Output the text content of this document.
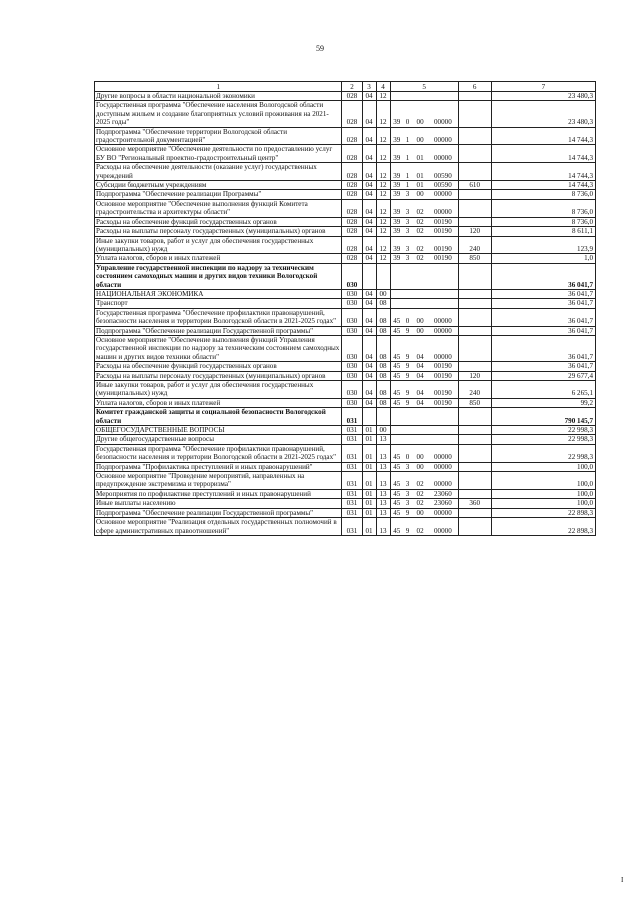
59
1	2	3	4	5				6	7
Другие вопросы в области национальной экономики	028	04	12						23 480,3
Государственная программа "Обеспечение населения Вологодской области доступным жильем и создание благоприятных условий проживания на 2021-2025 годы"	028	04	12	39	0	00	00000		23 480,3
Подпрограмма "Обеспечение территории Вологодской области градостроительной документацией"	028	04	12	39	1	00	00000		14 744,3
Основное мероприятие "Обеспечение деятельности по предоставлению услуг БУ ВО "Региональный проектно-градостроительный центр"	028	04	12	39	1	01	00000		14 744,3
Расходы на обеспечение деятельности (оказание услуг) государственных учреждений	028	04	12	39	1	01	00590		14 744,3
Субсидии бюджетным учреждениям	028	04	12	39	1	01	00590	610	14 744,3
Подпрограмма "Обеспечение реализации Программы"	028	04	12	39	3	00	00000		8 736,0
Основное мероприятие "Обеспечение выполнения функций Комитета градостроительства и архитектуры области"	028	04	12	39	3	02	00000		8 736,0
Расходы на обеспечение функций государственных органов	028	04	12	39	3	02	00190		8 736,0
Расходы на выплаты персоналу государственных (муниципальных) органов	028	04	12	39	3	02	00190	120	8 611,1
Иные закупки товаров, работ и услуг для обеспечения государственных (муниципальных) нужд	028	04	12	39	3	02	00190	240	123,9
Уплата налогов, сборов и иных платежей	028	04	12	39	3	02	00190	850	1,0
Управление государственной инспекции по надзору за техническим состоянием самоходных машин и других видов техники Вологодской области	030								36 041,7
НАЦИОНАЛЬНАЯ ЭКОНОМИКА	030	04	00						36 041,7
Транспорт	030	04	08						36 041,7
Государственная программа "Обеспечение профилактики правонарушений, безопасности населения и территории Вологодской области в 2021-2025 годах"	030	04	08	45	0	00	00000		36 041,7
Подпрограмма "Обеспечение реализации Государственной программы"	030	04	08	45	9	00	00000		36 041,7
Основное мероприятие "Обеспечение выполнения функций Управления государственной инспекции по надзору за техническим состоянием самоходных машин и других видов техники области"	030	04	08	45	9	04	00000		36 041,7
Расходы на обеспечение функций государственных органов	030	04	08	45	9	04	00190		36 041,7
Расходы на выплаты персоналу государственных (муниципальных) органов	030	04	08	45	9	04	00190	120	29 677,4
Иные закупки товаров, работ и услуг для обеспечения государственных (муниципальных) нужд	030	04	08	45	9	04	00190	240	6 265,1
Уплата налогов, сборов и иных платежей	030	04	08	45	9	04	00190	850	99,2
Комитет гражданской защиты и социальной безопасности Вологодской области	031								790 145,7
ОБЩЕГОСУДАРСТВЕННЫЕ ВОПРОСЫ	031	01	00						22 998,3
Другие общегосударственные вопросы	031	01	13						22 998,3
Государственная программа "Обеспечение профилактики правонарушений, безопасности населения и территории Вологодской области в 2021-2025 годах"	031	01	13	45	0	00	00000		22 998,3
Подпрограмма "Профилактика преступлений и иных правонарушений"	031	01	13	45	3	00	00000		100,0
Основное мероприятие "Проведение мероприятий, направленных на предупреждение экстремизма и терроризма"	031	01	13	45	3	02	00000		100,0
Мероприятия по профилактике преступлений и иных правонарушений	031	01	13	45	3	02	23060		100,0
Иные выплаты населению	031	01	13	45	3	02	23060	360	100,0
Подпрограмма "Обеспечение реализации Государственной программы"	031	01	13	45	9	00	00000		22 898,3
Основное мероприятие "Реализация отдельных государственных полномочий в сфере административных правоотношений"	031	01	13	45	9	02	00000		22 898,3
I
